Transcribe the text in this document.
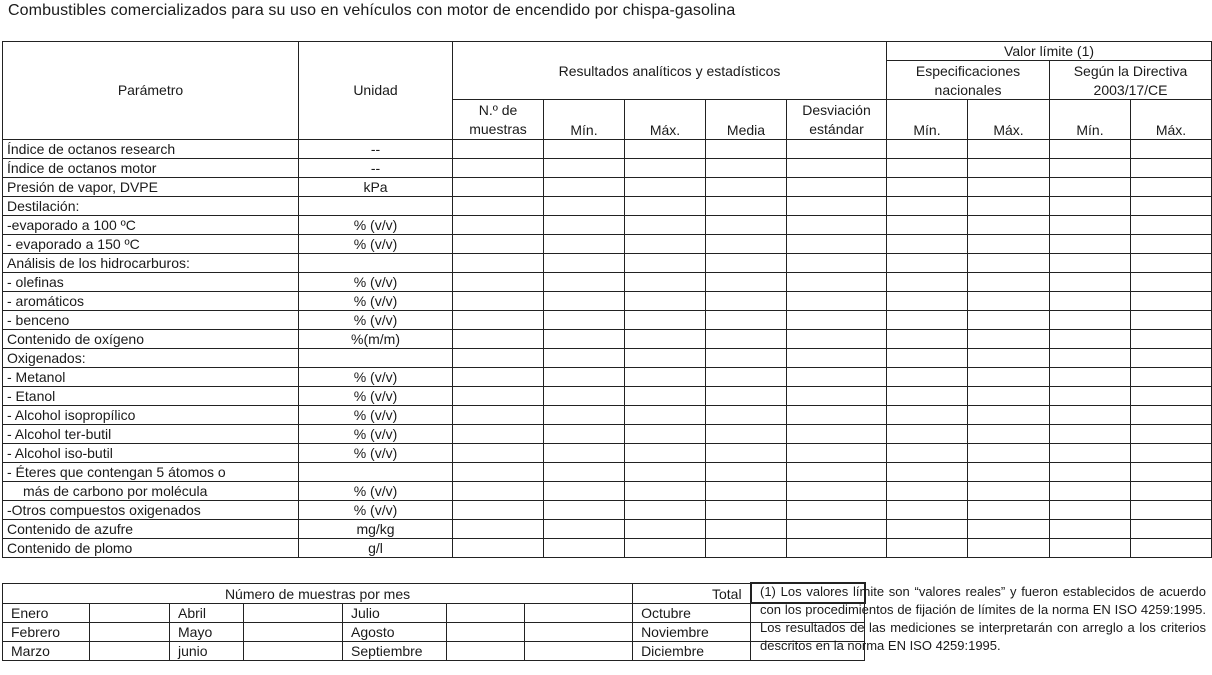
Combustibles comercializados para su uso en vehículos con motor de encendido por chispa-gasolina
Parámetro	Unidad	Resultados analíticos y estadísticos					Valor límite (1)			
							Especificaciones nacionales		Según la Directiva 2003/17/CE	
		N.º de muestras	Mín.	Máx.	Media	Desviación estándar	Mín.	Máx.	Mín.	Máx.
Índice de octanos research	--									
Índice de octanos motor	--									
Presión de vapor, DVPE	kPa									
Destilación:										
-evaporado a 100 ºC	% (v/v)									
- evaporado a 150 ºC	% (v/v)									
Análisis de los hidrocarburos:										
- olefinas	% (v/v)									
- aromáticos	% (v/v)									
- benceno	% (v/v)									
Contenido de oxígeno	%(m/m)									
Oxigenados:										
- Metanol	% (v/v)									
- Etanol	% (v/v)									
- Alcohol isopropílico	% (v/v)									
- Alcohol ter-butil	% (v/v)									
- Alcohol iso-butil	% (v/v)									
- Éteres que contengan 5 átomos o										
más de carbono por molécula	% (v/v)									
-Otros compuestos oxigenados	% (v/v)									
Contenido de azufre	mg/kg									
Contenido de plomo	g/l									
Número de muestras por mes							Total	
Enero		Abril		Julio			Octubre	
Febrero		Mayo		Agosto			Noviembre	
Marzo		junio		Septiembre			Diciembre	
(1) Los valores límite son “valores reales” y fueron establecidos de acuerdo con los procedimientos de fijación de límites de la norma EN ISO 4259:1995. Los resultados de las mediciones se interpretarán con arreglo a los criterios descritos en la norma EN ISO 4259:1995.
